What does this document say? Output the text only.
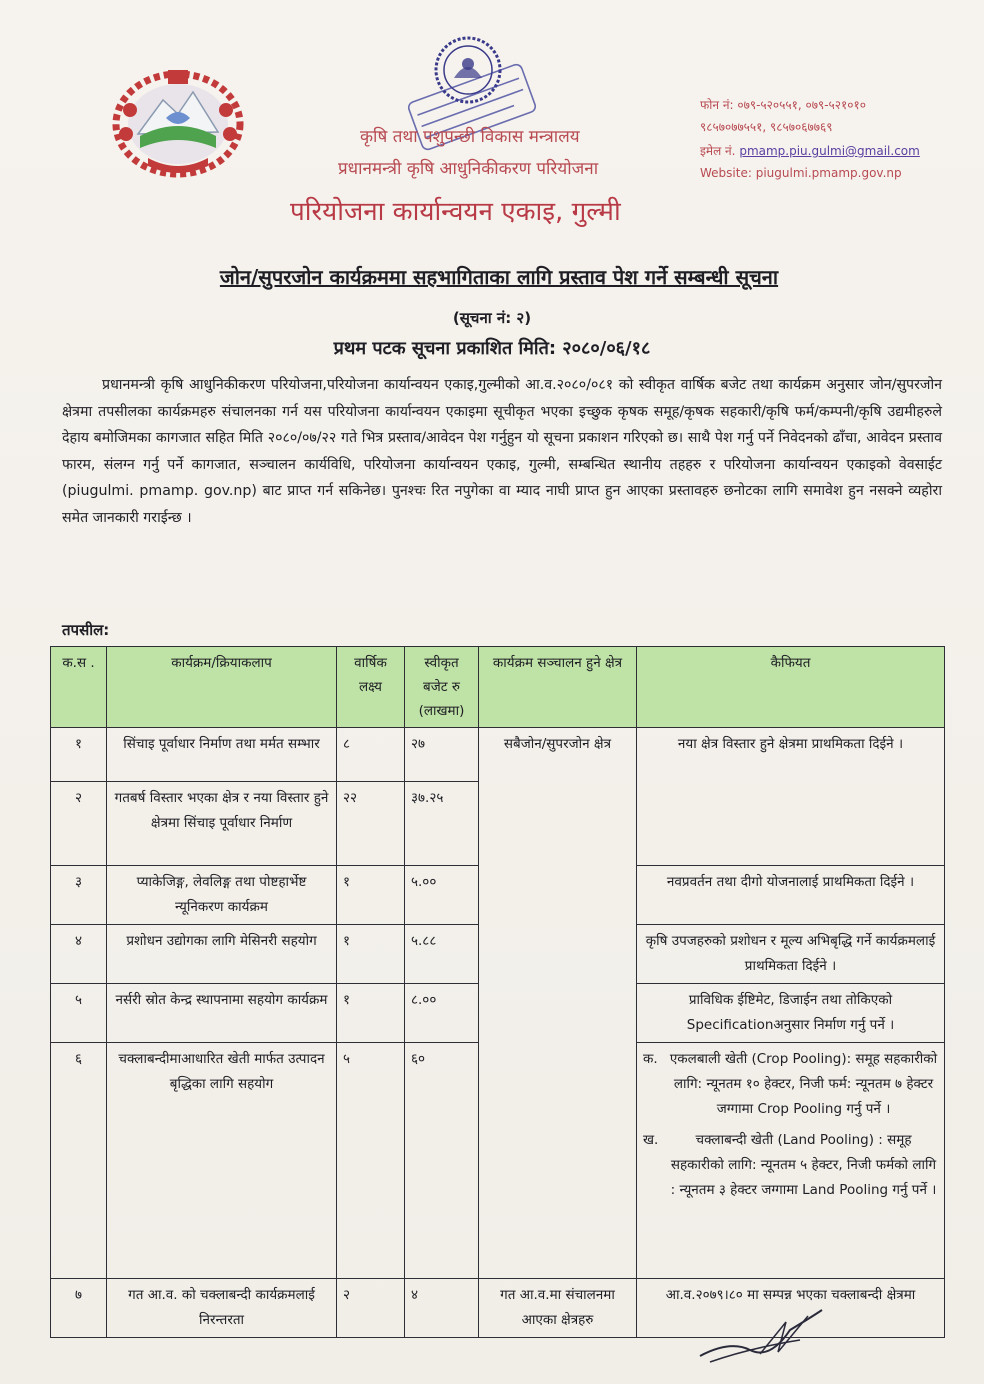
कृषि तथा पशुपन्छी विकास मन्त्रालय
प्रधानमन्त्री कृषि आधुनिकीकरण परियोजना
परियोजना कार्यान्वयन एकाइ, गुल्मी
फोन नं: ०७९-५२०५५१, ०७९-५२१०१०
९८५७०७७५५१, ९८५७०६७७६९
इमेल नं. pmamp.piu.gulmi@gmail.com
Website: piugulmi.pmamp.gov.np
जोन/सुपरजोन कार्यक्रममा सहभागिताका लागि प्रस्ताव पेश गर्ने सम्बन्धी सूचना
(सूचना नं: २)
प्रथम पटक सूचना प्रकाशित मिति: २०८०/०६/१८
प्रधानमन्त्री कृषि आधुनिकीकरण परियोजना,परियोजना कार्यान्वयन एकाइ,गुल्मीको आ.व.२०८०/०८१ को स्वीकृत वार्षिक बजेट तथा कार्यक्रम अनुसार जोन/सुपरजोन क्षेत्रमा तपसीलका कार्यक्रमहरु संचालनका गर्न यस परियोजना कार्यान्वयन एकाइमा सूचीकृत भएका इच्छुक कृषक समूह/कृषक सहकारी/कृषि फर्म/कम्पनी/कृषि उद्यमीहरुले देहाय बमोजिमका कागजात सहित मिति २०८०/०७/२२ गते भित्र प्रस्ताव/आवेदन पेश गर्नुहुन यो सूचना प्रकाशन गरिएको छ। साथै पेश गर्नु पर्ने निवेदनको ढाँचा, आवेदन प्रस्ताव फारम, संलग्न गर्नु पर्ने कागजात, सञ्चालन कार्यविधि, परियोजना कार्यान्वयन एकाइ, गुल्मी, सम्बन्धित स्थानीय तहहरु र परियोजना कार्यान्वयन एकाइको वेवसाईट (piugulmi. pmamp. gov.np) बाट प्राप्त गर्न सकिनेछ। पुनश्चः रित नपुगेका वा म्याद नाघी प्राप्त हुन आएका प्रस्तावहरु छनोटका लागि समावेश हुन नसक्ने व्यहोरा समेत जानकारी गराईन्छ ।
तपसील:
क.स .	कार्यक्रम/क्रियाकलाप	वार्षिक लक्ष्य	स्वीकृत बजेट रु (लाखमा)	कार्यक्रम सञ्चालन हुने क्षेत्र	कैफियत
१	सिंचाइ पूर्वाधार निर्माण तथा मर्मत सम्भार	८	२७	सबैजोन/सुपरजोन क्षेत्र	नया क्षेत्र विस्तार हुने क्षेत्रमा प्राथमिकता दिईने ।
२	गतबर्ष विस्तार भएका क्षेत्र र नया विस्तार हुने क्षेत्रमा सिंचाइ पूर्वाधार निर्माण	२२	३७.२५		
३	प्याकेजिङ्ग, लेवलिङ्ग तथा पोष्टहार्भेष्ट न्यूनिकरण कार्यक्रम	१	५.००		नवप्रवर्तन तथा दीगो योजनालाई प्राथमिकता दिईने ।
४	प्रशोधन उद्योगका लागि मेसिनरी सहयोग	१	५.८८		कृषि उपजहरुको प्रशोधन र मूल्य अभिबृद्धि गर्ने कार्यक्रमलाई प्राथमिकता दिईने ।
५	नर्सरी स्रोत केन्द्र स्थापनामा सहयोग कार्यक्रम	१	८.००		प्राविधिक ईष्टिमेट, डिजाईन तथा तोकिएको Specificationअनुसार निर्माण गर्नु पर्ने ।
६	चक्लाबन्दीमाआधारित खेती मार्फत उत्पादन बृद्धिका लागि सहयोग	५	६०		क. एकलबाली खेती (Crop Pooling): समूह सहकारीको लागि: न्यूनतम १० हेक्टर, निजी फर्म: न्यूनतम ७ हेक्टर जग्गामा Crop Pooling गर्नु पर्ने ।
ख. चक्लाबन्दी खेती (Land Pooling) : समूह सहकारीको लागि: न्यूनतम ५ हेक्टर, निजी फर्मको लागि : न्यूनतम ३ हेक्टर जग्गामा Land Pooling गर्नु पर्ने ।

७	गत आ.व. को चक्लाबन्दी कार्यक्रमलाई निरन्तरता	२	४	गत आ.व.मा संचालनमा आएका क्षेत्रहरु	आ.व.२०७९।८० मा सम्पन्न भएका चक्लाबन्दी क्षेत्रमा
